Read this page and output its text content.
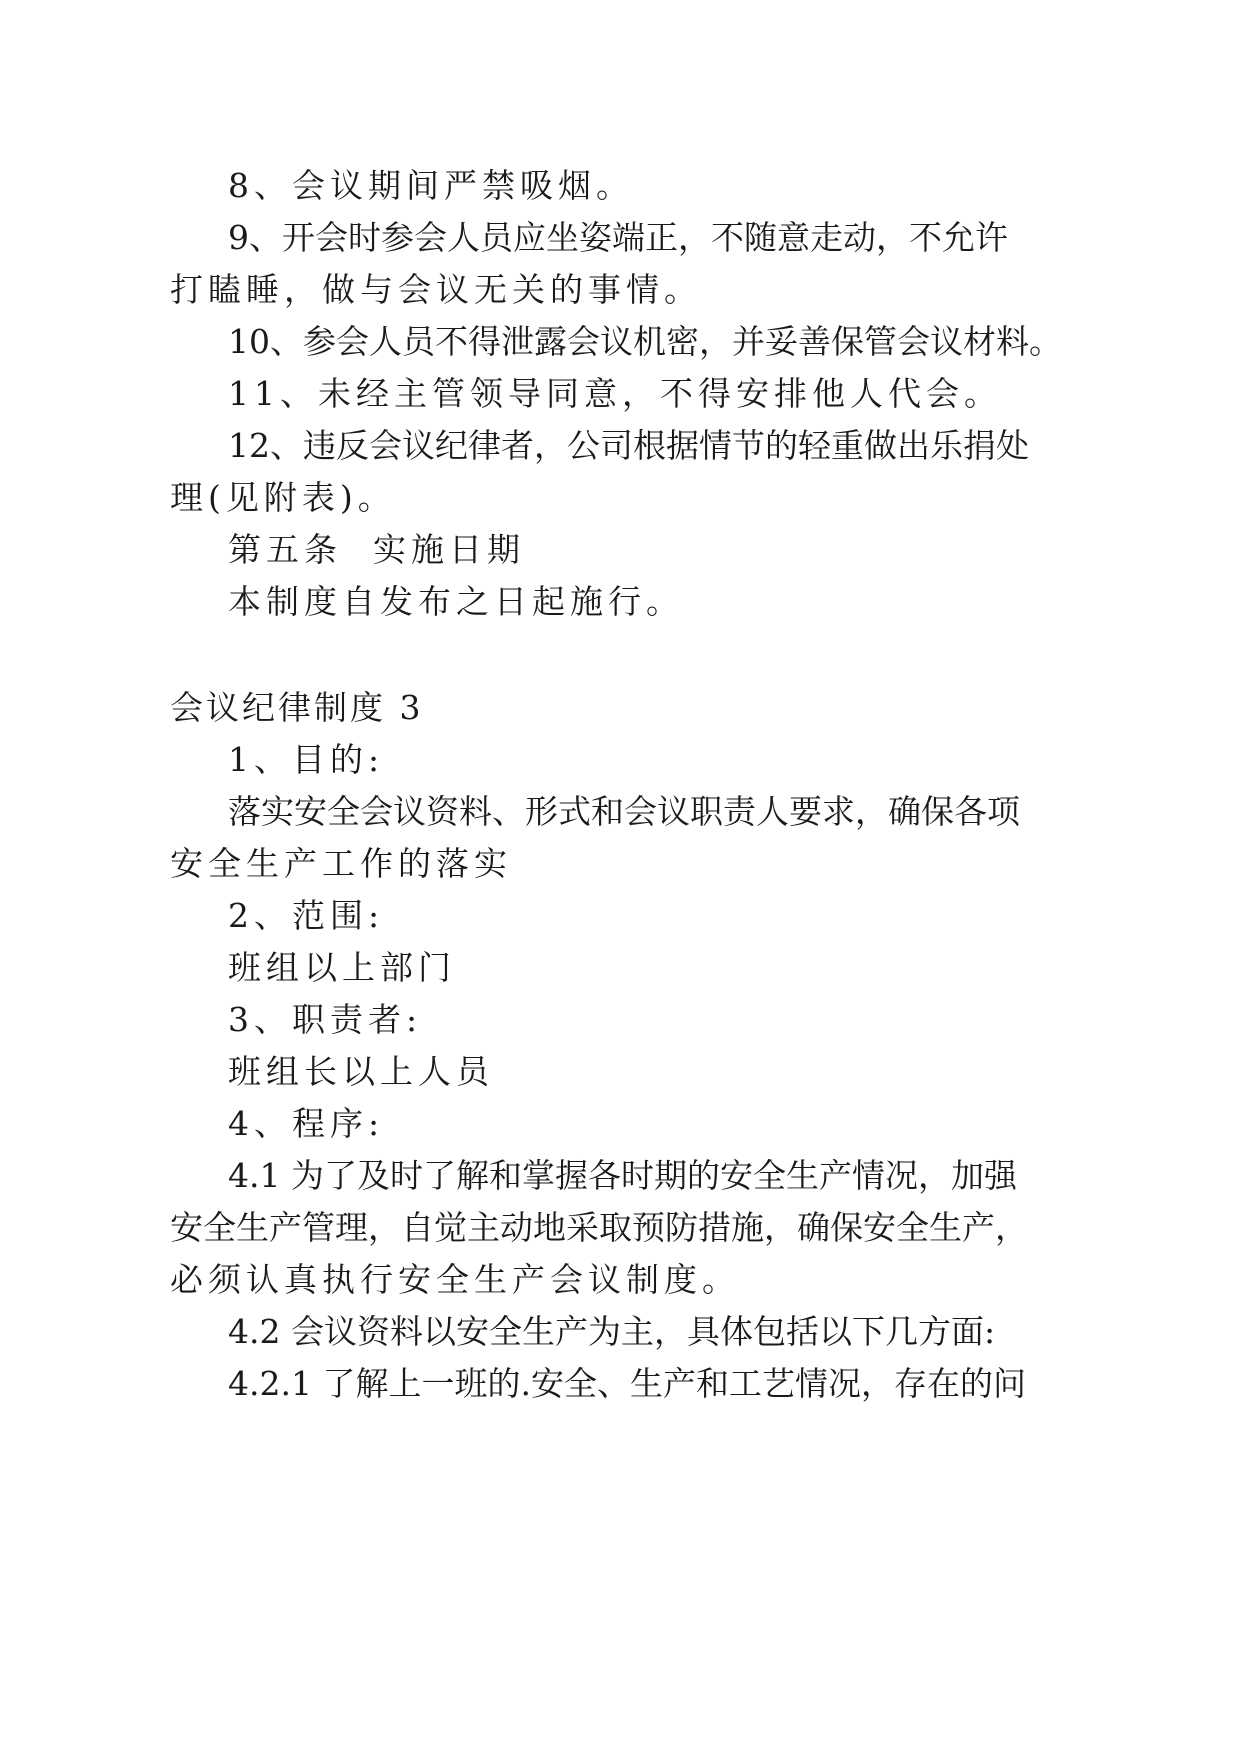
8、会议期间严禁吸烟。
9、开会时参会人员应坐姿端正，不随意走动，不允许
打瞌睡，做与会议无关的事情。
10、参会人员不得泄露会议机密，并妥善保管会议材料。
11、未经主管领导同意，不得安排他人代会。
12、违反会议纪律者，公司根据情节的轻重做出乐捐处
理(见附表)。
第五条  实施日期
本制度自发布之日起施行。
会议纪律制度 3
1、目的:
落实安全会议资料、形式和会议职责人要求，确保各项
安全生产工作的落实
2、范围:
班组以上部门
3、职责者:
班组长以上人员
4、程序:
4.1 为了及时了解和掌握各时期的安全生产情况，加强
安全生产管理，自觉主动地采取预防措施，确保安全生产，
必须认真执行安全生产会议制度。
4.2 会议资料以安全生产为主，具体包括以下几方面:
4.2.1 了解上一班的.安全、生产和工艺情况，存在的问
